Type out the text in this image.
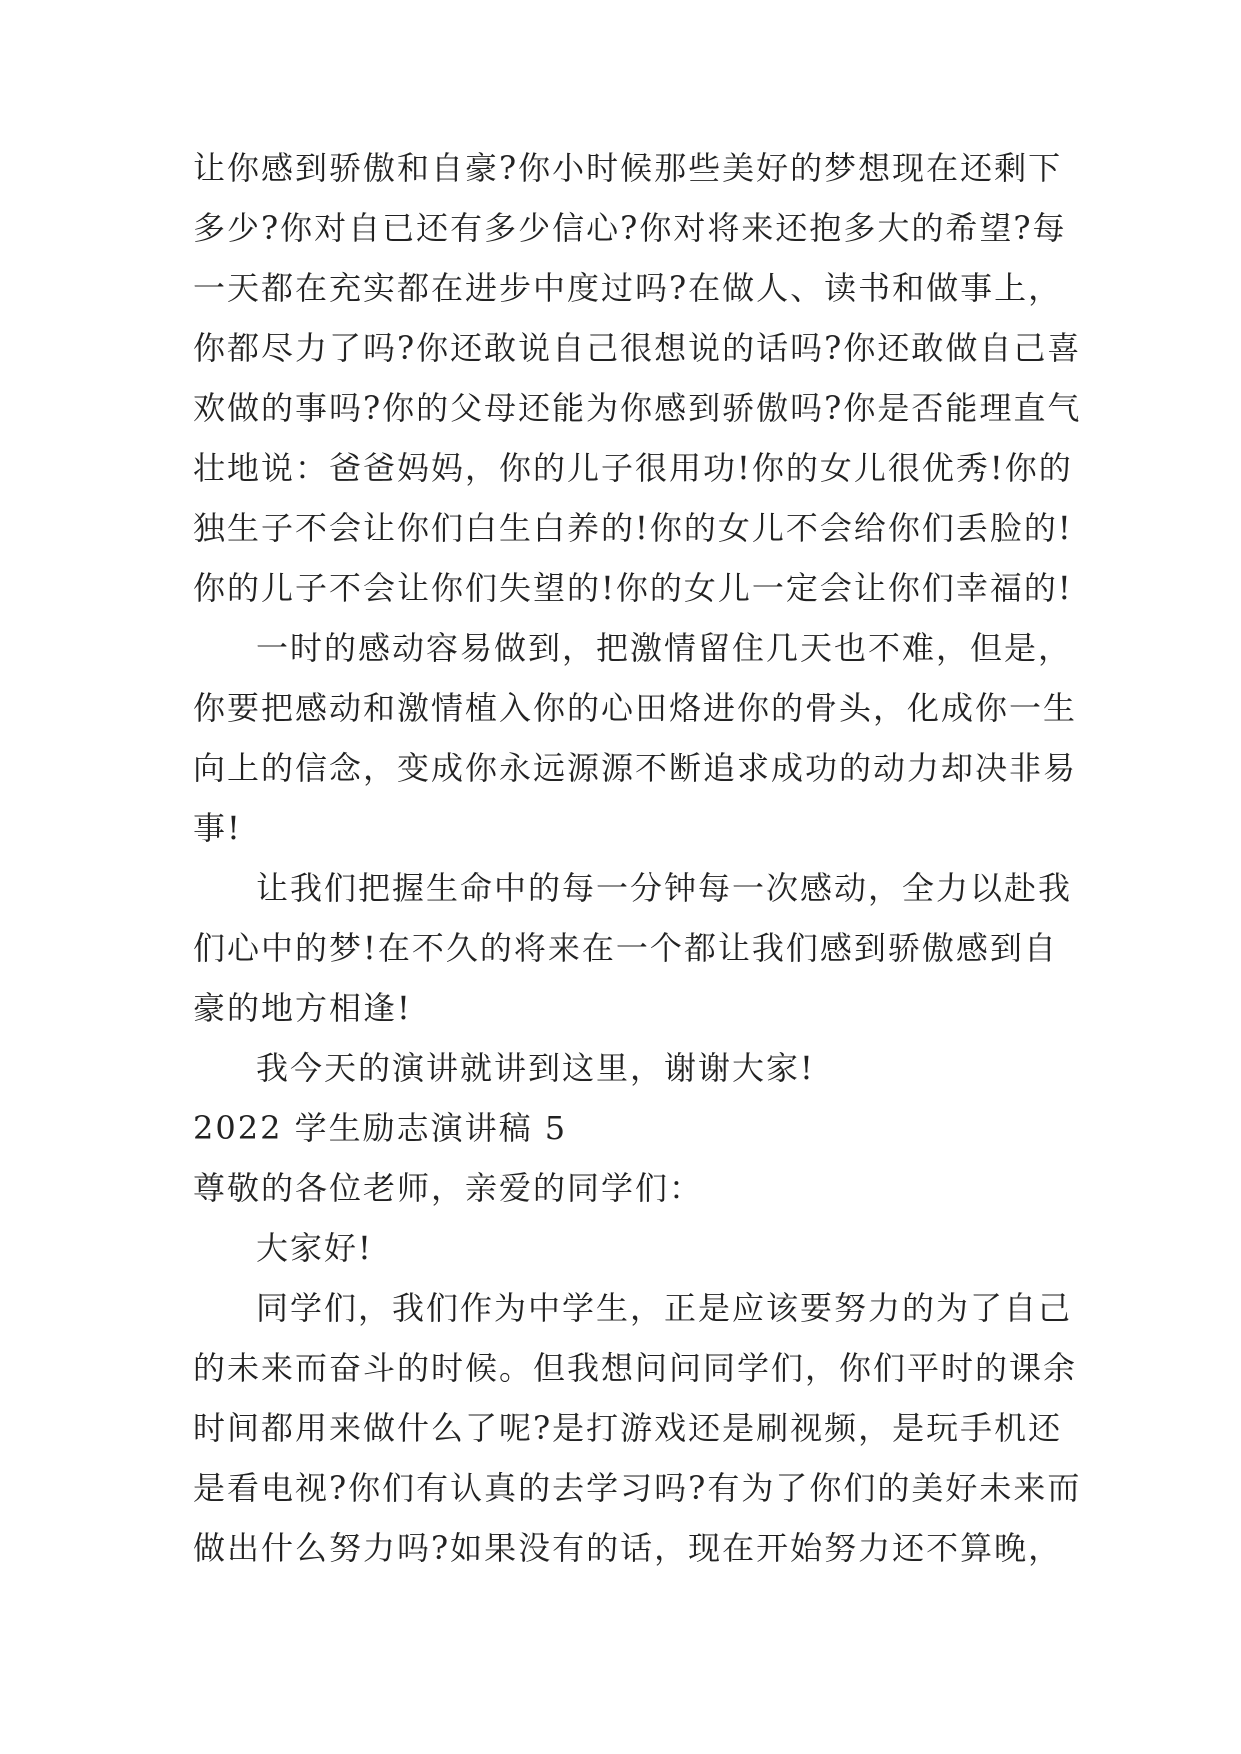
让你感到骄傲和自豪?你小时候那些美好的梦想现在还剩下
多少?你对自已还有多少信心?你对将来还抱多大的希望?每
一天都在充实都在进步中度过吗?在做人、读书和做事上，
你都尽力了吗?你还敢说自己很想说的话吗?你还敢做自己喜
欢做的事吗?你的父母还能为你感到骄傲吗?你是否能理直气
壮地说：爸爸妈妈，你的儿子很用功!你的女儿很优秀!你的
独生子不会让你们白生白养的!你的女儿不会给你们丢脸的!
你的儿子不会让你们失望的!你的女儿一定会让你们幸福的!
一时的感动容易做到，把激情留住几天也不难，但是，
你要把感动和激情植入你的心田烙进你的骨头，化成你一生
向上的信念，变成你永远源源不断追求成功的动力却决非易
事!
让我们把握生命中的每一分钟每一次感动，全力以赴我
们心中的梦!在不久的将来在一个都让我们感到骄傲感到自
豪的地方相逢!
我今天的演讲就讲到这里，谢谢大家!
2022 学生励志演讲稿 5
尊敬的各位老师，亲爱的同学们：
大家好!
同学们，我们作为中学生，正是应该要努力的为了自己
的未来而奋斗的时候。但我想问问同学们，你们平时的课余
时间都用来做什么了呢?是打游戏还是刷视频，是玩手机还
是看电视?你们有认真的去学习吗?有为了你们的美好未来而
做出什么努力吗?如果没有的话，现在开始努力还不算晚，
